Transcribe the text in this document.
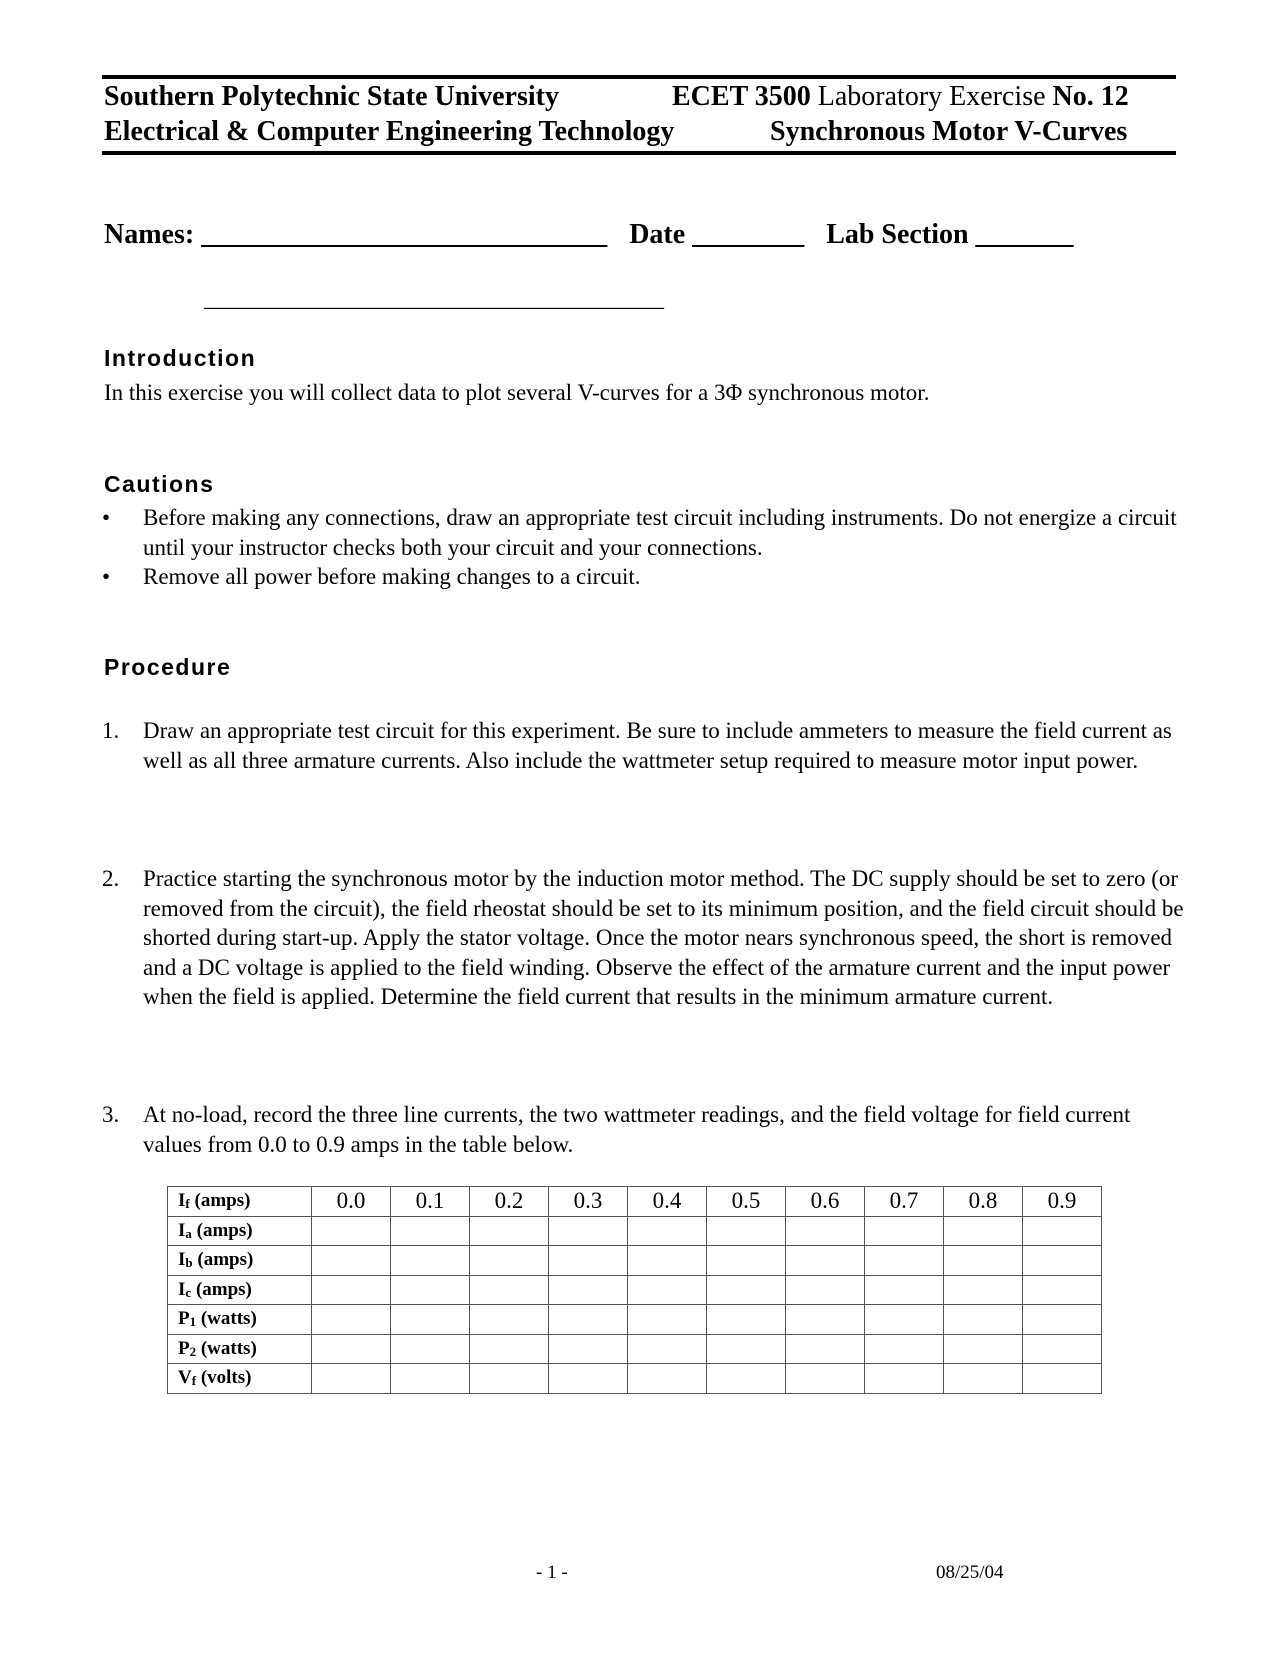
Southern Polytechnic State University	ECET 3500 Laboratory Exercise No. 12
Electrical & Computer Engineering Technology	Synchronous Motor V-Curves
Names: _____________________________ Date ________ Lab Section _______
________________________________________
Introduction
In this exercise you will collect data to plot several V-curves for a 3Φ synchronous motor.
Cautions
• Before making any connections, draw an appropriate test circuit including instruments. Do not energize a circuit until your instructor checks both your circuit and your connections.
• Remove all power before making changes to a circuit.
Procedure
1. Draw an appropriate test circuit for this experiment. Be sure to include ammeters to measure the field current as well as all three armature currents. Also include the wattmeter setup required to measure motor input power.
2. Practice starting the synchronous motor by the induction motor method. The DC supply should be set to zero (or removed from the circuit), the field rheostat should be set to its minimum position, and the field circuit should be shorted during start-up. Apply the stator voltage. Once the motor nears synchronous speed, the short is removed and a DC voltage is applied to the field winding. Observe the effect of the armature current and the input power when the field is applied. Determine the field current that results in the minimum armature current.
3. At no-load, record the three line currents, the two wattmeter readings, and the field voltage for field current values from 0.0 to 0.9 amps in the table below.
$I_f$ (amps)	0.0	0.1	0.2	0.3	0.4	0.5	0.6	0.7	0.8	0.9
$I_a$ (amps)										
$I_b$ (amps)										
$I_c$ (amps)										
$P_1$ (watts)										
$P_2$ (watts)										
$V_f$ (volts)										
- 1 -	08/25/04
